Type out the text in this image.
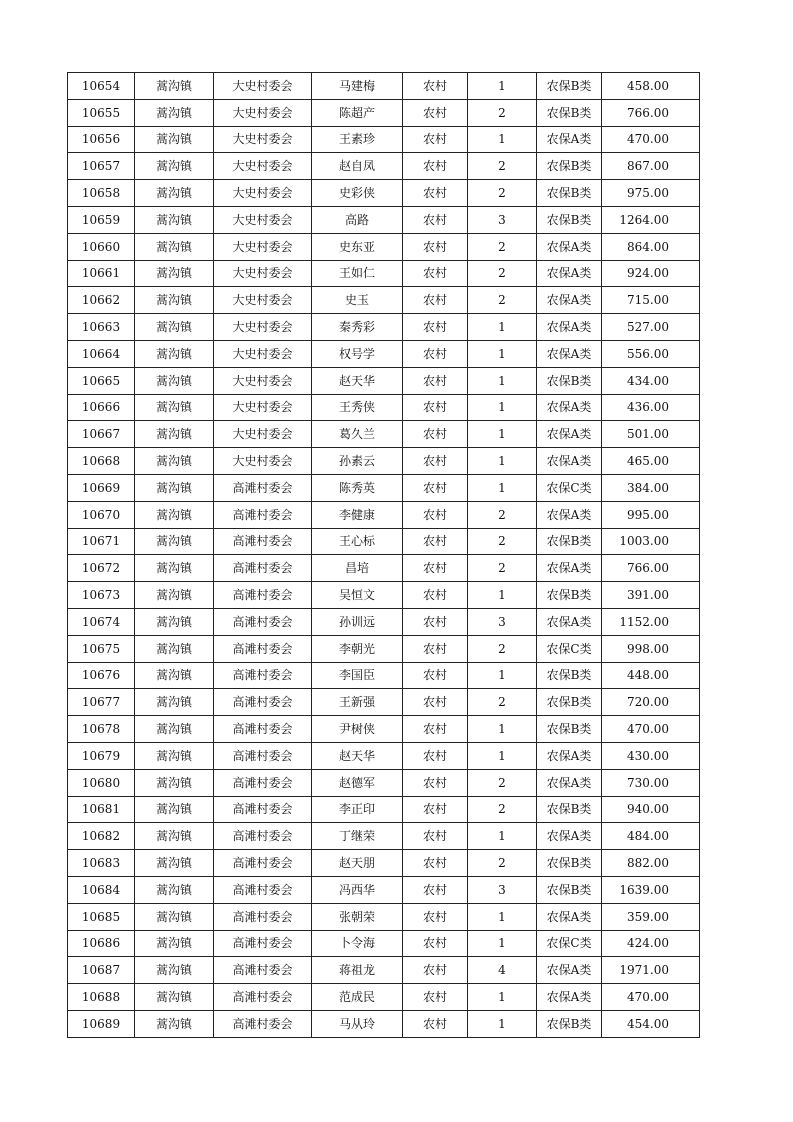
10654	蒿沟镇	大史村委会	马建梅	农村	1	农保B类	458.00
10655	蒿沟镇	大史村委会	陈超产	农村	2	农保B类	766.00
10656	蒿沟镇	大史村委会	王素珍	农村	1	农保A类	470.00
10657	蒿沟镇	大史村委会	赵自凤	农村	2	农保B类	867.00
10658	蒿沟镇	大史村委会	史彩侠	农村	2	农保B类	975.00
10659	蒿沟镇	大史村委会	高路	农村	3	农保B类	1264.00
10660	蒿沟镇	大史村委会	史东亚	农村	2	农保A类	864.00
10661	蒿沟镇	大史村委会	王如仁	农村	2	农保A类	924.00
10662	蒿沟镇	大史村委会	史玉	农村	2	农保A类	715.00
10663	蒿沟镇	大史村委会	秦秀彩	农村	1	农保A类	527.00
10664	蒿沟镇	大史村委会	权号学	农村	1	农保A类	556.00
10665	蒿沟镇	大史村委会	赵天华	农村	1	农保B类	434.00
10666	蒿沟镇	大史村委会	王秀侠	农村	1	农保A类	436.00
10667	蒿沟镇	大史村委会	葛久兰	农村	1	农保A类	501.00
10668	蒿沟镇	大史村委会	孙素云	农村	1	农保A类	465.00
10669	蒿沟镇	高滩村委会	陈秀英	农村	1	农保C类	384.00
10670	蒿沟镇	高滩村委会	李健康	农村	2	农保A类	995.00
10671	蒿沟镇	高滩村委会	王心标	农村	2	农保B类	1003.00
10672	蒿沟镇	高滩村委会	昌培	农村	2	农保A类	766.00
10673	蒿沟镇	高滩村委会	吴恒文	农村	1	农保B类	391.00
10674	蒿沟镇	高滩村委会	孙训远	农村	3	农保A类	1152.00
10675	蒿沟镇	高滩村委会	李朝光	农村	2	农保C类	998.00
10676	蒿沟镇	高滩村委会	李国臣	农村	1	农保B类	448.00
10677	蒿沟镇	高滩村委会	王新强	农村	2	农保B类	720.00
10678	蒿沟镇	高滩村委会	尹树侠	农村	1	农保B类	470.00
10679	蒿沟镇	高滩村委会	赵天华	农村	1	农保A类	430.00
10680	蒿沟镇	高滩村委会	赵德军	农村	2	农保A类	730.00
10681	蒿沟镇	高滩村委会	李正印	农村	2	农保B类	940.00
10682	蒿沟镇	高滩村委会	丁继荣	农村	1	农保A类	484.00
10683	蒿沟镇	高滩村委会	赵天朋	农村	2	农保B类	882.00
10684	蒿沟镇	高滩村委会	冯西华	农村	3	农保B类	1639.00
10685	蒿沟镇	高滩村委会	张朝荣	农村	1	农保A类	359.00
10686	蒿沟镇	高滩村委会	卜令海	农村	1	农保C类	424.00
10687	蒿沟镇	高滩村委会	蒋祖龙	农村	4	农保A类	1971.00
10688	蒿沟镇	高滩村委会	范成民	农村	1	农保A类	470.00
10689	蒿沟镇	高滩村委会	马从玲	农村	1	农保B类	454.00
